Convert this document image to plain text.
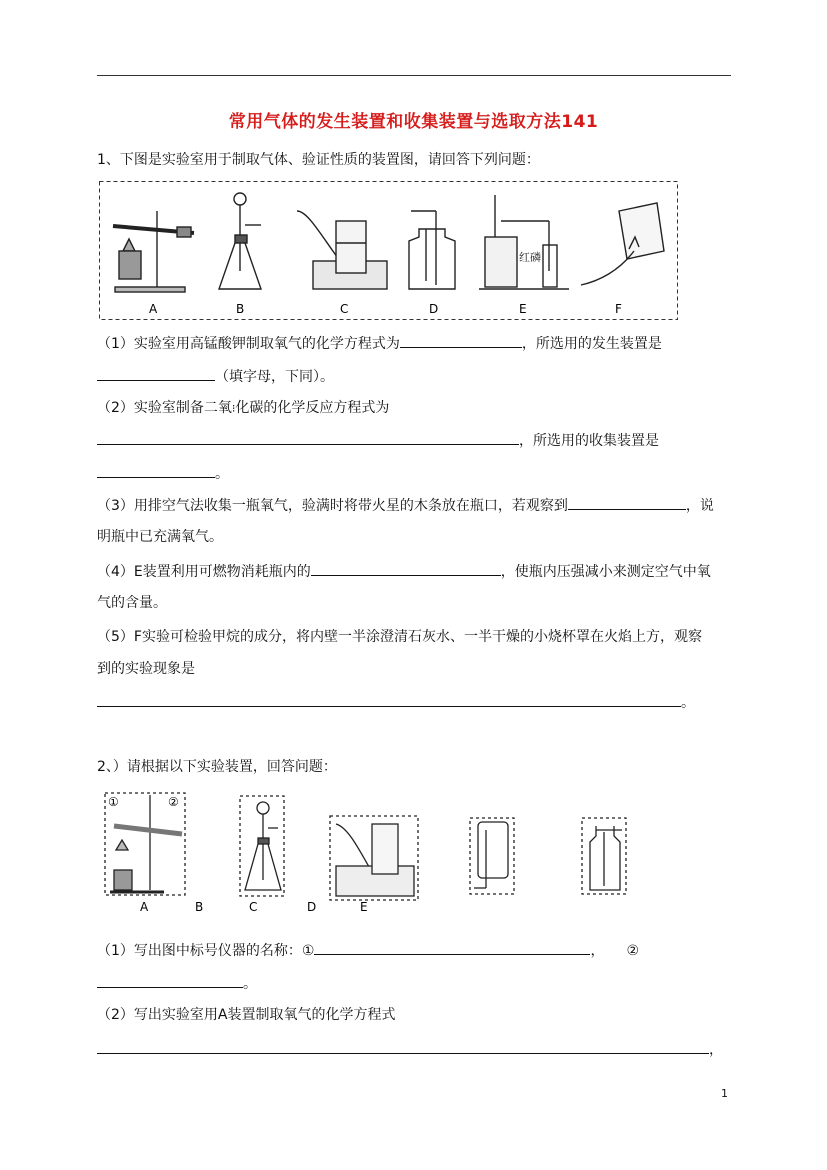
常用气体的发生装置和收集装置与选取方法141
1、下图是实验室用于制取气体、验证性质的装置图，请回答下列问题：
红磷
A	B	C	D	E	F
（1）实验室用高锰酸钾制取氧气的化学方程式为	，所选用的发生装置是
（填字母，下同）。
（2）实验室制备二氧⁝化碳的化学反应方程式为
，所选用的收集装置是
。
（3）用排空气法收集一瓶氧气，验满时将带火星的木条放在瓶口，若观察到	，说
明瓶中已充满氧气。
（4）E装置利用可燃物消耗瓶内的	，使瓶内压强减小来测定空气中氧
气的含量。
（5）F实验可检验甲烷的成分，将内壁一半涂澄清石灰水、一半干燥的小烧杯罩在火焰上方，观察
到的实验现象是
。
2、）请根据以下实验装置，回答问题：
①	②
A	B	C	D	E
（1）写出图中标号仪器的名称：①	， ②
。
（2）写出实验室用A装置制取氧气的化学方程式
，
1
